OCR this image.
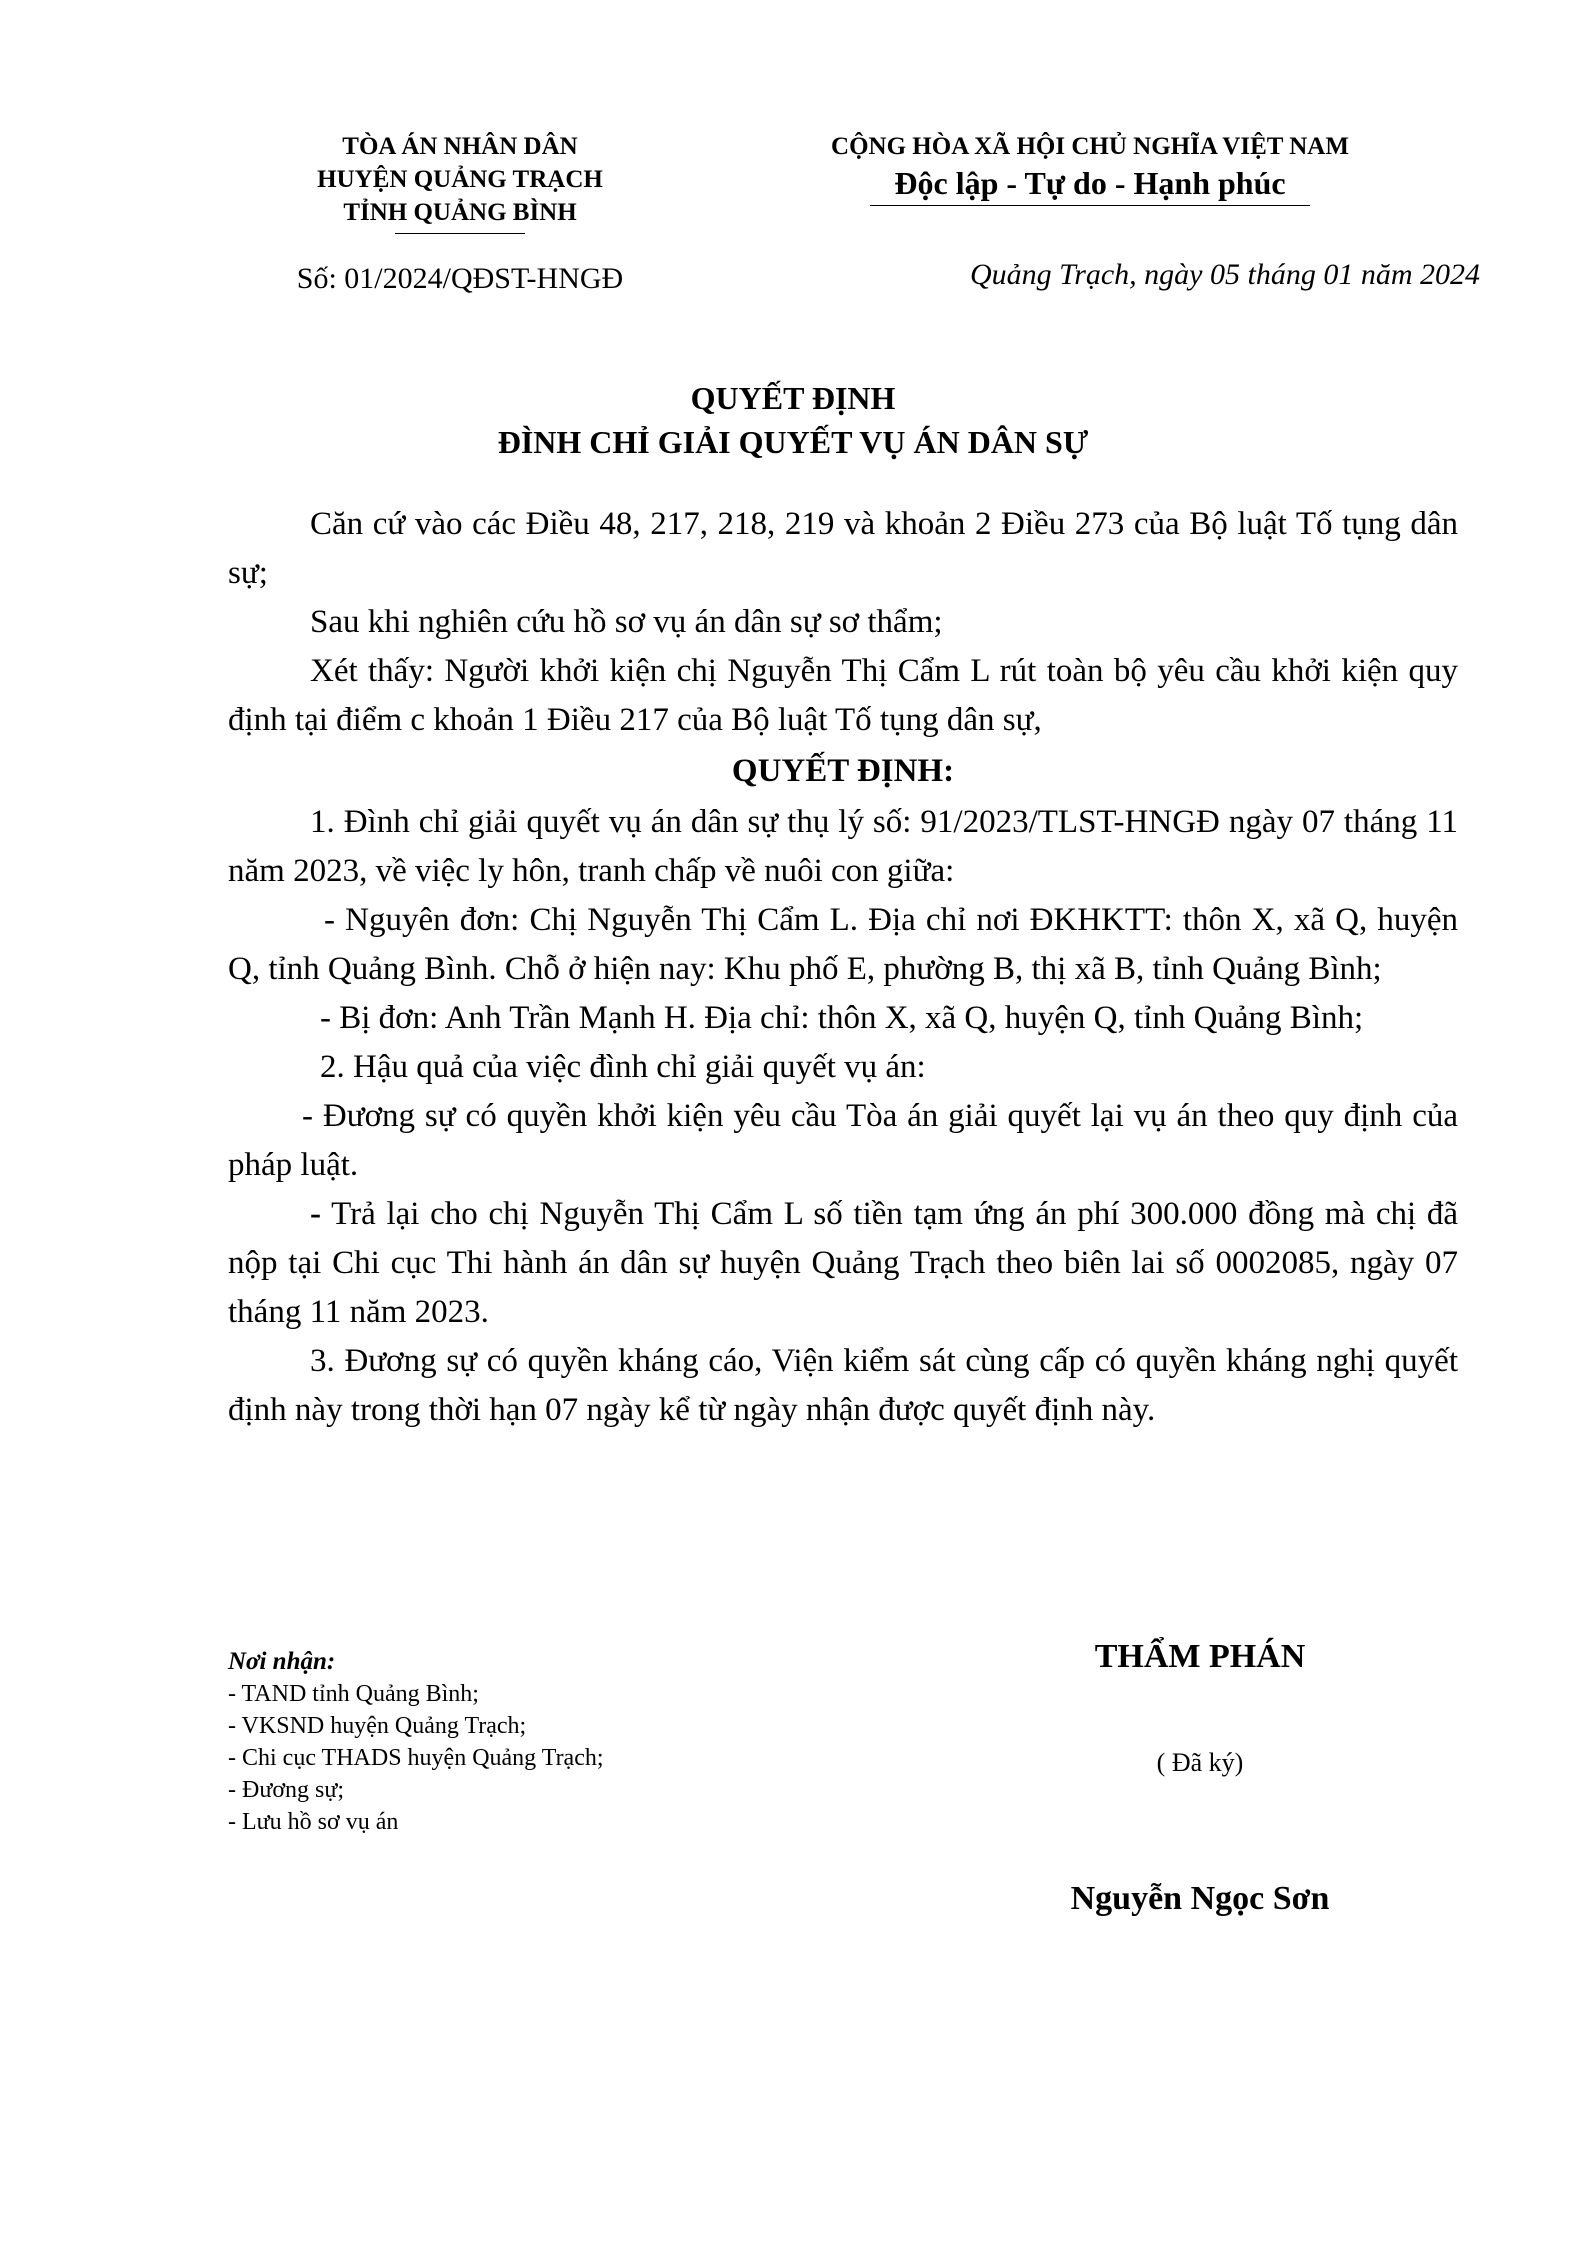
TÒA ÁN NHÂN DÂN
HUYỆN QUẢNG TRẠCH
TỈNH QUẢNG BÌNH
CỘNG HÒA XÃ HỘI CHỦ NGHĨA VIỆT NAM
Độc lập - Tự do - Hạnh phúc
Số: 01/2024/QĐST-HNGĐ	Quảng Trạch, ngày 05 tháng 01 năm 2024
QUYẾT ĐỊNH
ĐÌNH CHỈ GIẢI QUYẾT VỤ ÁN DÂN SỰ

Căn cứ vào các Điều 48, 217, 218, 219 và khoản 2 Điều 273 của Bộ luật Tố tụng dân sự;

Sau khi nghiên cứu hồ sơ vụ án dân sự sơ thẩm;

Xét thấy: Người khởi kiện chị Nguyễn Thị Cẩm L rút toàn bộ yêu cầu khởi kiện quy định tại điểm c khoản 1 Điều 217 của Bộ luật Tố tụng dân sự,

QUYẾT ĐỊNH:

1. Đình chỉ giải quyết vụ án dân sự thụ lý số: 91/2023/TLST-HNGĐ ngày 07 tháng 11 năm 2023, về việc ly hôn, tranh chấp về nuôi con giữa:

- Nguyên đơn: Chị Nguyễn Thị Cẩm L. Địa chỉ nơi ĐKHKTT: thôn X, xã Q, huyện Q, tỉnh Quảng Bình. Chỗ ở hiện nay: Khu phố E, phường B, thị xã B, tỉnh Quảng Bình;

- Bị đơn: Anh Trần Mạnh H. Địa chỉ: thôn X, xã Q, huyện Q, tỉnh Quảng Bình;

2. Hậu quả của việc đình chỉ giải quyết vụ án:

- Đương sự có quyền khởi kiện yêu cầu Tòa án giải quyết lại vụ án theo quy định của pháp luật.

- Trả lại cho chị Nguyễn Thị Cẩm L số tiền tạm ứng án phí 300.000 đồng mà chị đã nộp tại Chi cục Thi hành án dân sự huyện Quảng Trạch theo biên lai số 0002085, ngày 07 tháng 11 năm 2023.

3. Đương sự có quyền kháng cáo, Viện kiểm sát cùng cấp có quyền kháng nghị quyết định này trong thời hạn 07 ngày kể từ ngày nhận được quyết định này.

Nơi nhận:
- TAND tỉnh Quảng Bình;
- VKSND huyện Quảng Trạch;
- Chi cục THADS huyện Quảng Trạch;
- Đương sự;
- Lưu hồ sơ vụ án
THẨM PHÁN
( Đã ký)
Nguyễn Ngọc Sơn
